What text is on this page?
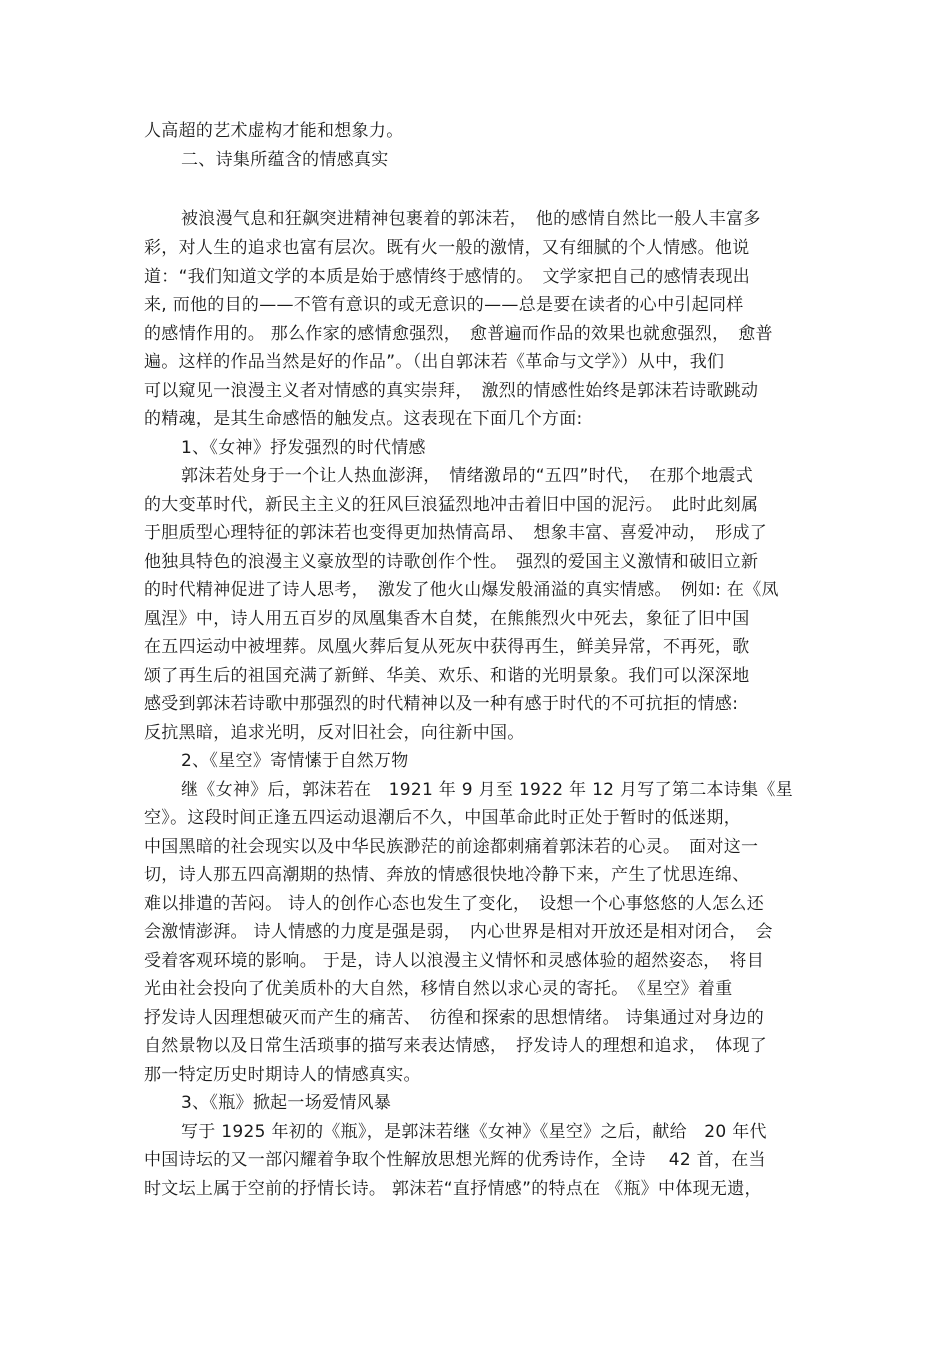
人高超的艺术虚构才能和想象力。
二、诗集所蕴含的情感真实
被浪漫气息和狂飙突进精神包裹着的郭沫若，　他的感情自然比一般人丰富多
彩，对人生的追求也富有层次。既有火一般的激情，又有细腻的个人情感。他说
道：“我们知道文学的本质是始于感情终于感情的。　文学家把自己的感情表现出
来, 而他的目的——不管有意识的或无意识的——总是要在读者的心中引起同样
的感情作用的。 那么作家的感情愈强烈，　愈普遍而作品的效果也就愈强烈，　愈普
遍。这样的作品当然是好的作品”。（出自郭沫若《革命与文学》）从中，我们
可以窥见一浪漫主义者对情感的真实崇拜，　激烈的情感性始终是郭沫若诗歌跳动
的精魂，是其生命感悟的触发点。这表现在下面几个方面:
1、《女神》抒发强烈的时代情感
郭沫若处身于一个让人热血澎湃，　情绪激昂的“五四”时代，　在那个地震式
的大变革时代，新民主主义的狂风巨浪猛烈地冲击着旧中国的泥污。　此时此刻属
于胆质型心理特征的郭沫若也变得更加热情高昂、　想象丰富、喜爱冲动，　形成了
他独具特色的浪漫主义豪放型的诗歌创作个性。　强烈的爱国主义激情和破旧立新
的时代精神促进了诗人思考，　激发了他火山爆发般涌溢的真实情感。　例如: 在《凤
凰涅》中，诗人用五百岁的凤凰集香木自焚，在熊熊烈火中死去，象征了旧中国
在五四运动中被埋葬。凤凰火葬后复从死灰中获得再生，鲜美异常，不再死，歌
颂了再生后的祖国充满了新鲜、华美、欢乐、和谐的光明景象。我们可以深深地
感受到郭沫若诗歌中那强烈的时代精神以及一种有感于时代的不可抗拒的情感:
反抗黑暗，追求光明，反对旧社会，向往新中国。
2、《星空》寄情愫于自然万物
继《女神》后，郭沫若在　1921 年 9 月至 1922 年 12 月写了第二本诗集《星
空》。这段时间正逢五四运动退潮后不久，中国革命此时正处于暂时的低迷期，
中国黑暗的社会现实以及中华民族渺茫的前途都刺痛着郭沫若的心灵。　面对这一
切，诗人那五四高潮期的热情、奔放的情感很快地冷静下来，产生了忧思连绵、
难以排遣的苦闷。 诗人的创作心态也发生了变化，　设想一个心事悠悠的人怎么还
会激情澎湃。 诗人情感的力度是强是弱，　内心世界是相对开放还是相对闭合，　会
受着客观环境的影响。 于是，诗人以浪漫主义情怀和灵感体验的超然姿态，　将目
光由社会投向了优美质朴的大自然，移情自然以求心灵的寄托。　《星空》着重
抒发诗人因理想破灭而产生的痛苦、　彷徨和探索的思想情绪。 诗集通过对身边的
自然景物以及日常生活琐事的描写来表达情感，　抒发诗人的理想和追求，　体现了
那一特定历史时期诗人的情感真实。
3、《瓶》掀起一场爱情风暴
写于 1925 年初的《瓶》，是郭沫若继《女神》《星空》之后，献给　20 年代
中国诗坛的又一部闪耀着争取个性解放思想光辉的优秀诗作，全诗　 42 首，在当
时文坛上属于空前的抒情长诗。 郭沫若“直抒情感”的特点在 《瓶》中体现无遗，
